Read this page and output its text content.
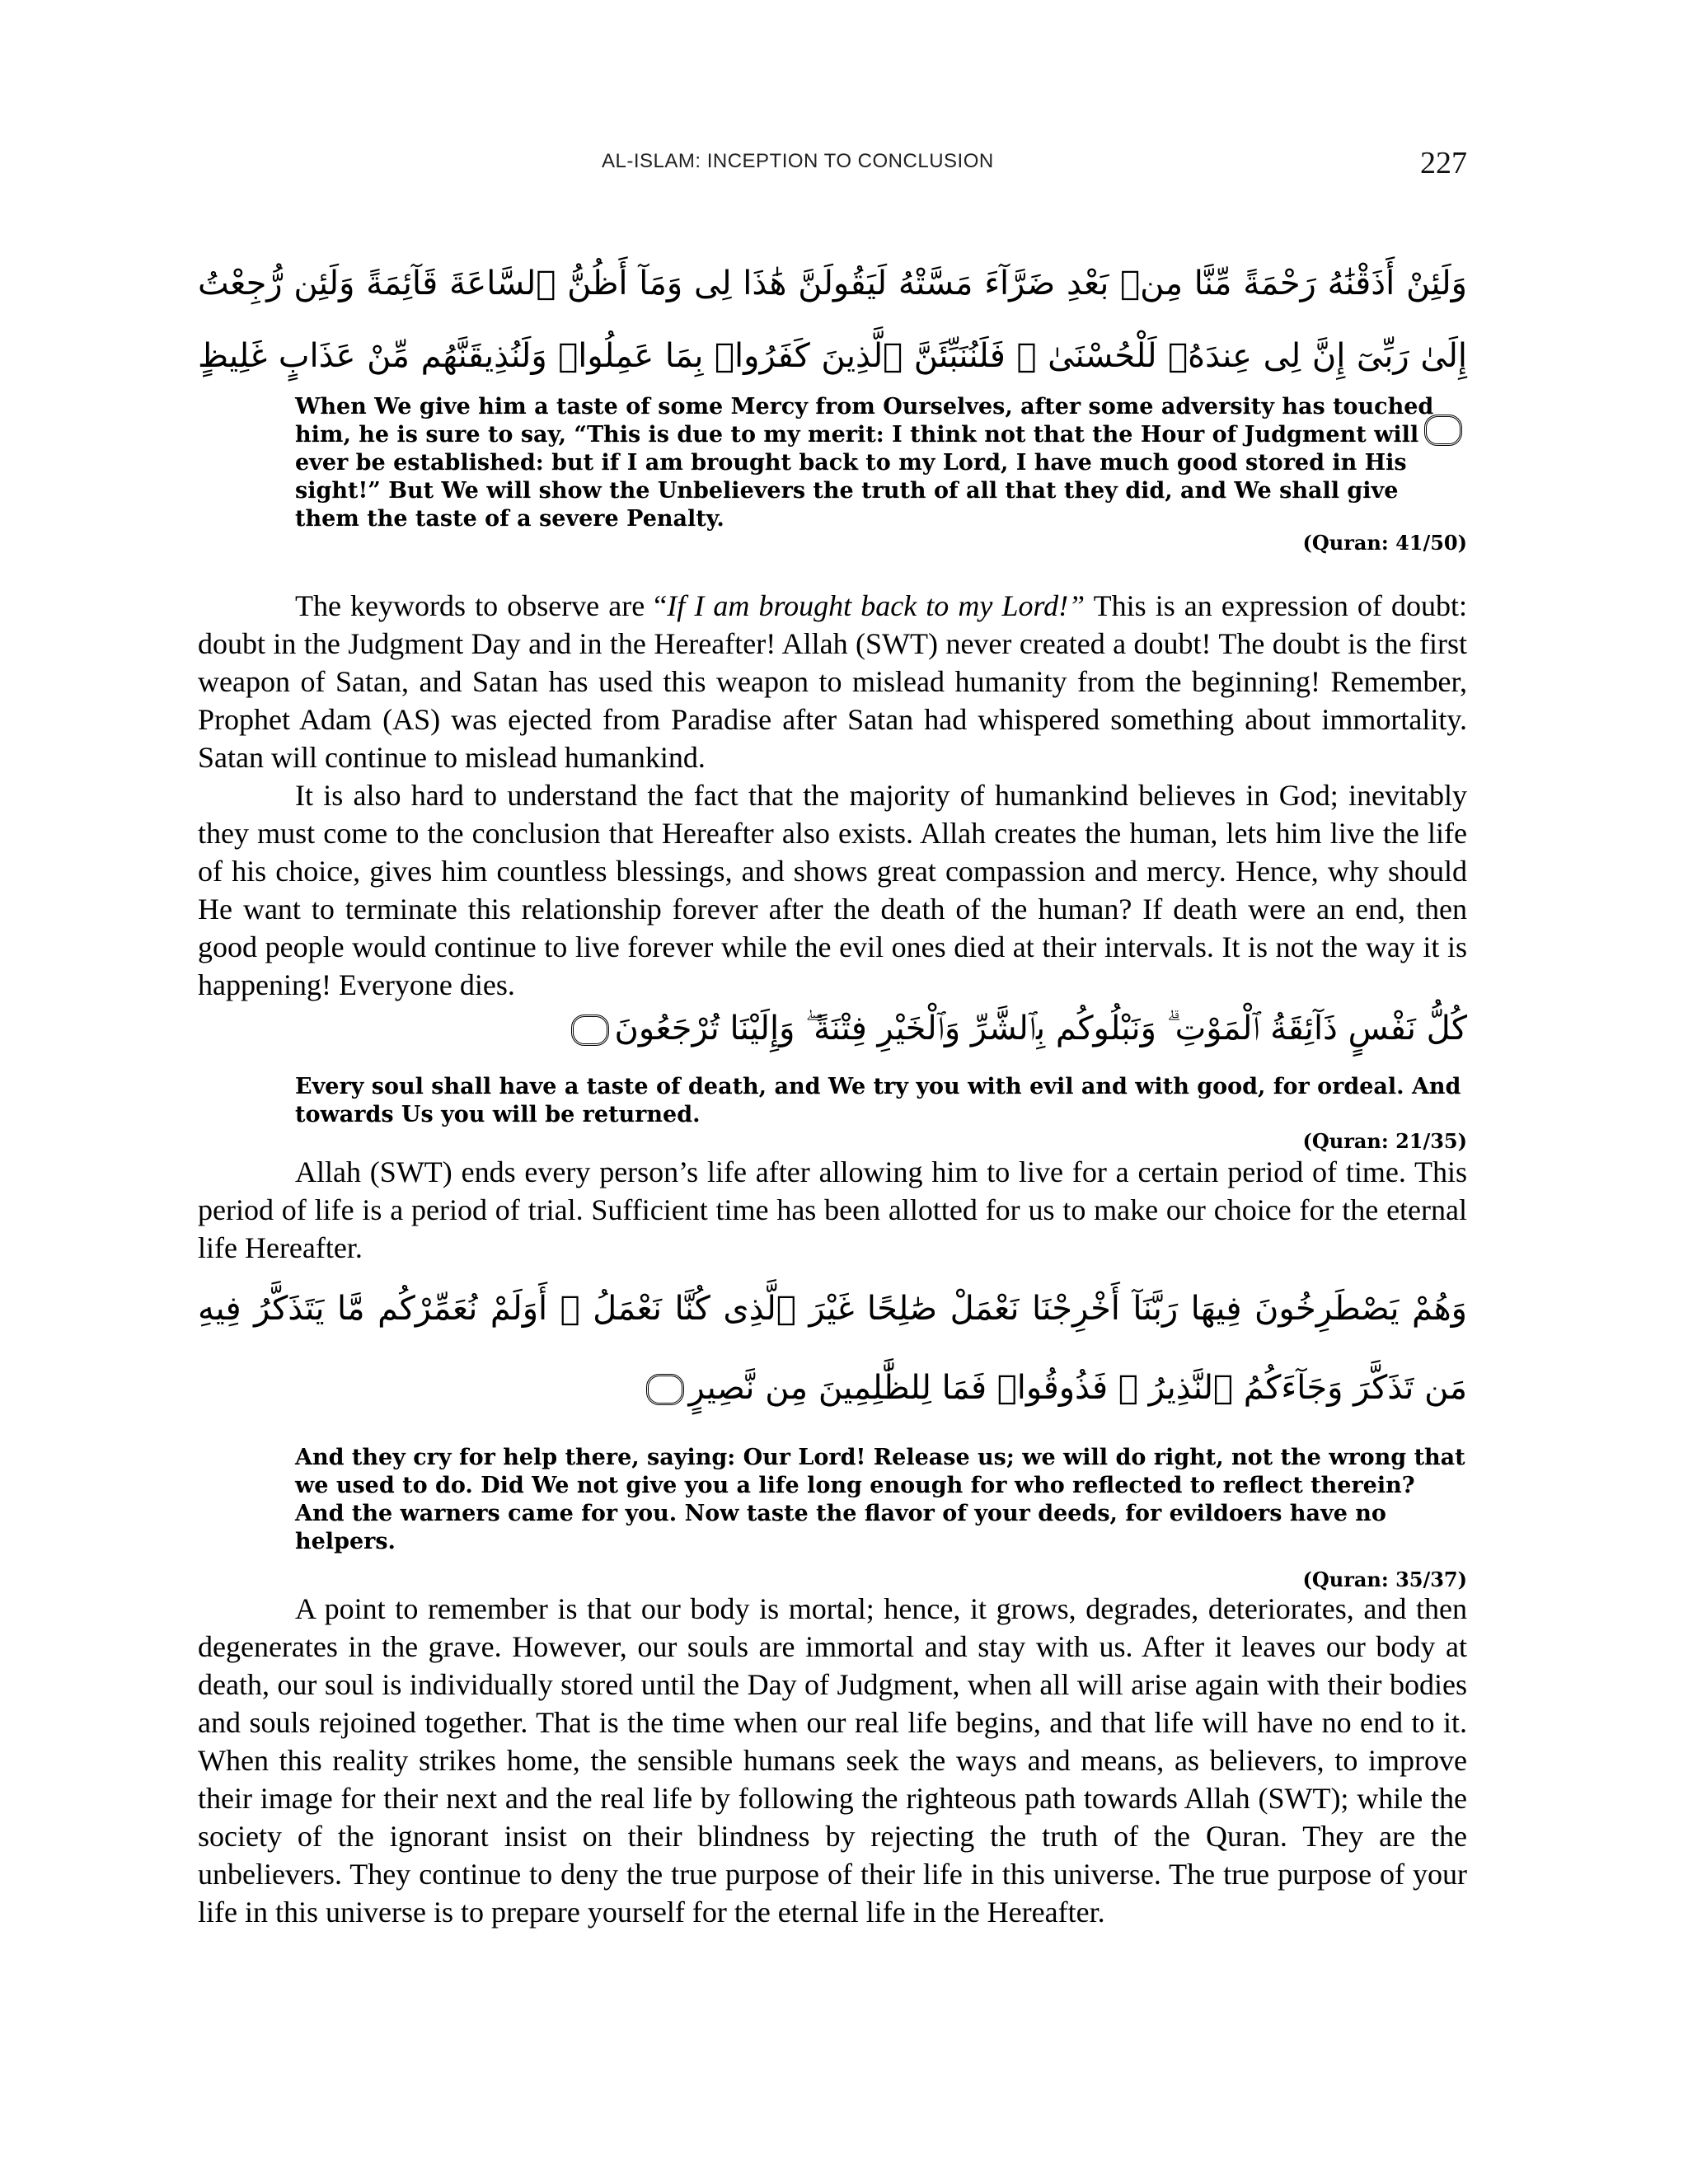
AL-ISLAM: INCEPTION TO CONCLUSION	227
وَلَئِنْ أَذَقْنَٰهُ رَحْمَةً مِّنَّا مِنۢ بَعْدِ ضَرَّآءَ مَسَّتْهُ لَيَقُولَنَّ هَٰذَا لِى وَمَآ أَظُنُّ ٱلسَّاعَةَ قَآئِمَةً وَلَئِن رُّجِعْتُ إِلَىٰ رَبِّىٓ إِنَّ لِى عِندَهُۥ لَلْحُسْنَىٰ ۚ فَلَنُنَبِّئَنَّ ٱلَّذِينَ كَفَرُوا۟ بِمَا عَمِلُوا۟ وَلَنُذِيقَنَّهُم مِّنْ عَذَابٍ غَلِيظٍ
When We give him a taste of some Mercy from Ourselves, after some adversity has touched him, he is sure to say, “This is due to my merit: I think not that the Hour of Judgment will ever be established: but if I am brought back to my Lord, I have much good stored in His sight!” But We will show the Unbelievers the truth of all that they did, and We shall give them the taste of a severe Penalty.
(Quran: 41/50)
The keywords to observe are “If I am brought back to my Lord!” This is an expression of doubt: doubt in the Judgment Day and in the Hereafter! Allah (SWT) never created a doubt! The doubt is the first weapon of Satan, and Satan has used this weapon to mislead humanity from the beginning! Remember, Prophet Adam (AS) was ejected from Paradise after Satan had whispered something about immortality. Satan will continue to mislead humankind.
It is also hard to understand the fact that the majority of humankind believes in God; inevitably they must come to the conclusion that Hereafter also exists. Allah creates the human, lets him live the life of his choice, gives him countless blessings, and shows great compassion and mercy. Hence, why should He want to terminate this relationship forever after the death of the human? If death were an end, then good people would continue to live forever while the evil ones died at their intervals. It is not the way it is happening! Everyone dies.
كُلُّ نَفْسٍ ذَآئِقَةُ ٱلْمَوْتِ ۗ وَنَبْلُوكُم بِٱلشَّرِّ وَٱلْخَيْرِ فِتْنَةً ۖ وَإِلَيْنَا تُرْجَعُونَ
Every soul shall have a taste of death, and We try you with evil and with good, for ordeal. And towards Us you will be returned.
(Quran: 21/35)
Allah (SWT) ends every person’s life after allowing him to live for a certain period of time. This period of life is a period of trial. Sufficient time has been allotted for us to make our choice for the eternal life Hereafter.
وَهُمْ يَصْطَرِخُونَ فِيهَا رَبَّنَآ أَخْرِجْنَا نَعْمَلْ صَٰلِحًا غَيْرَ ٱلَّذِى كُنَّا نَعْمَلُ ۚ أَوَلَمْ نُعَمِّرْكُم مَّا يَتَذَكَّرُ فِيهِ مَن تَذَكَّرَ وَجَآءَكُمُ ٱلنَّذِيرُ ۖ فَذُوقُوا۟ فَمَا لِلظَّٰلِمِينَ مِن نَّصِيرٍ
And they cry for help there, saying: Our Lord! Release us; we will do right, not the wrong that we used to do. Did We not give you a life long enough for who reflected to reflect therein? And the warners came for you. Now taste the flavor of your deeds, for evildoers have no helpers.
(Quran: 35/37)
A point to remember is that our body is mortal; hence, it grows, degrades, deteriorates, and then degenerates in the grave. However, our souls are immortal and stay with us. After it leaves our body at death, our soul is individually stored until the Day of Judgment, when all will arise again with their bodies and souls rejoined together. That is the time when our real life begins, and that life will have no end to it. When this reality strikes home, the sensible humans seek the ways and means, as believers, to improve their image for their next and the real life by following the righteous path towards Allah (SWT); while the society of the ignorant insist on their blindness by rejecting the truth of the Quran. They are the unbelievers. They continue to deny the true purpose of their life in this universe. The true purpose of your life in this universe is to prepare yourself for the eternal life in the Hereafter.
